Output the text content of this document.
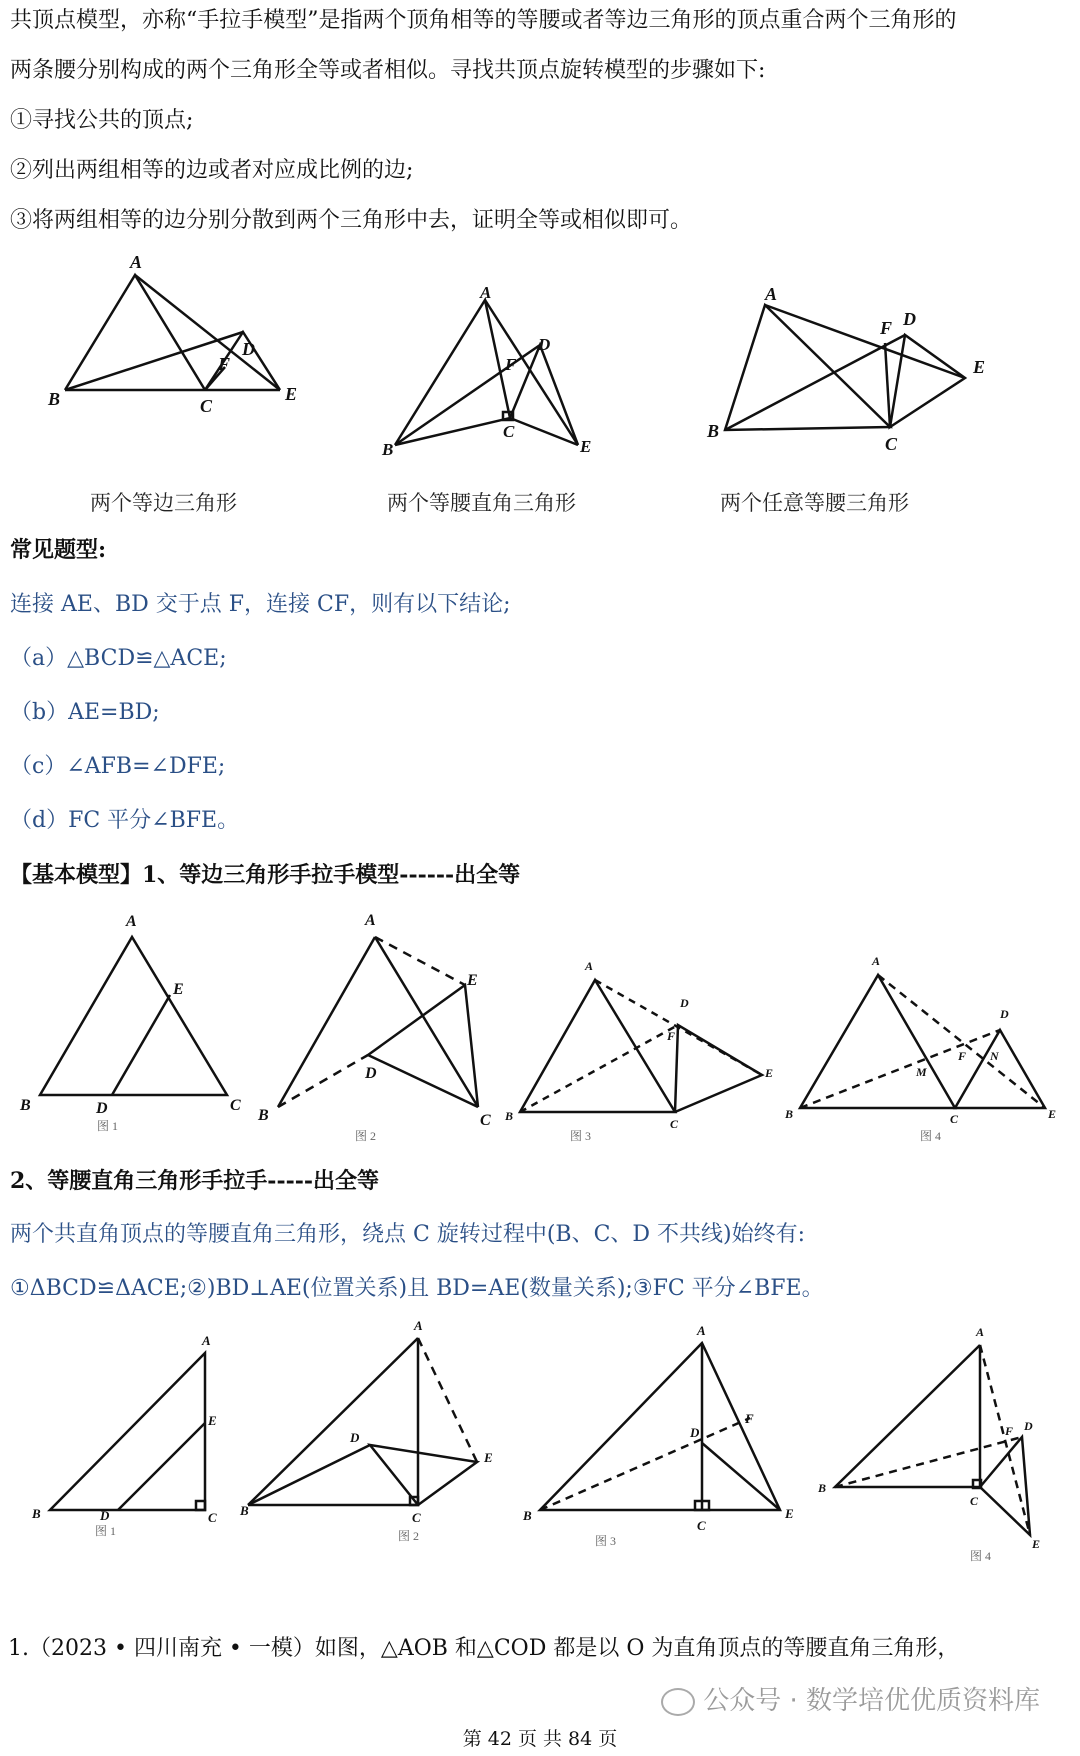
共顶点模型，亦称“手拉手模型”是指两个顶角相等的等腰或者等边三角形的顶点重合两个三角形的
两条腰分别构成的两个三角形全等或者相似。寻找共顶点旋转模型的步骤如下:
①寻找公共的顶点;
②列出两组相等的边或者对应成比例的边;
③将两组相等的边分别分散到两个三角形中去，证明全等或相似即可。
A
B	C
D
F
E
A
B
C
D
F
E
A
B
C
D
F
E
A
B	D	C
E
图 1
A
B	C
D
E
图 2
A
B
C
D
F
E
图 3
A
B	C
D
E
F
M
N
图 4
两个等边三角形	两个等腰直角三角形	两个任意等腰三角形
常见题型:
连接 AE、BD 交于点 F，连接 CF，则有以下结论;
（a）△BCD≌△ACE;
（b）AE=BD;
（c）∠AFB=∠DFE;
（d）FC 平分∠BFE。
【基本模型】1、等边三角形手拉手模型------出全等
2、等腰直角三角形手拉手-----出全等
两个共直角顶点的等腰直角三角形，绕点 C 旋转过程中(B、C、D 不共线)始终有:
①ΔBCD≌ΔACE;②)BD⊥AE(位置关系)且 BD=AE(数量关系);③FC 平分∠BFE。
A
B	D	C
E
图 1
A
B	C
D
E
图 2
A
B
C
D
E
F
图 3
A
B
C
D
F
E
图 4
1.（2023 • 四川南充 • 一模）如图，△AOB 和△COD 都是以 O 为直角顶点的等腰直角三角形，
公众号 · 数学培优优质资料库
第 42 页 共 84 页
